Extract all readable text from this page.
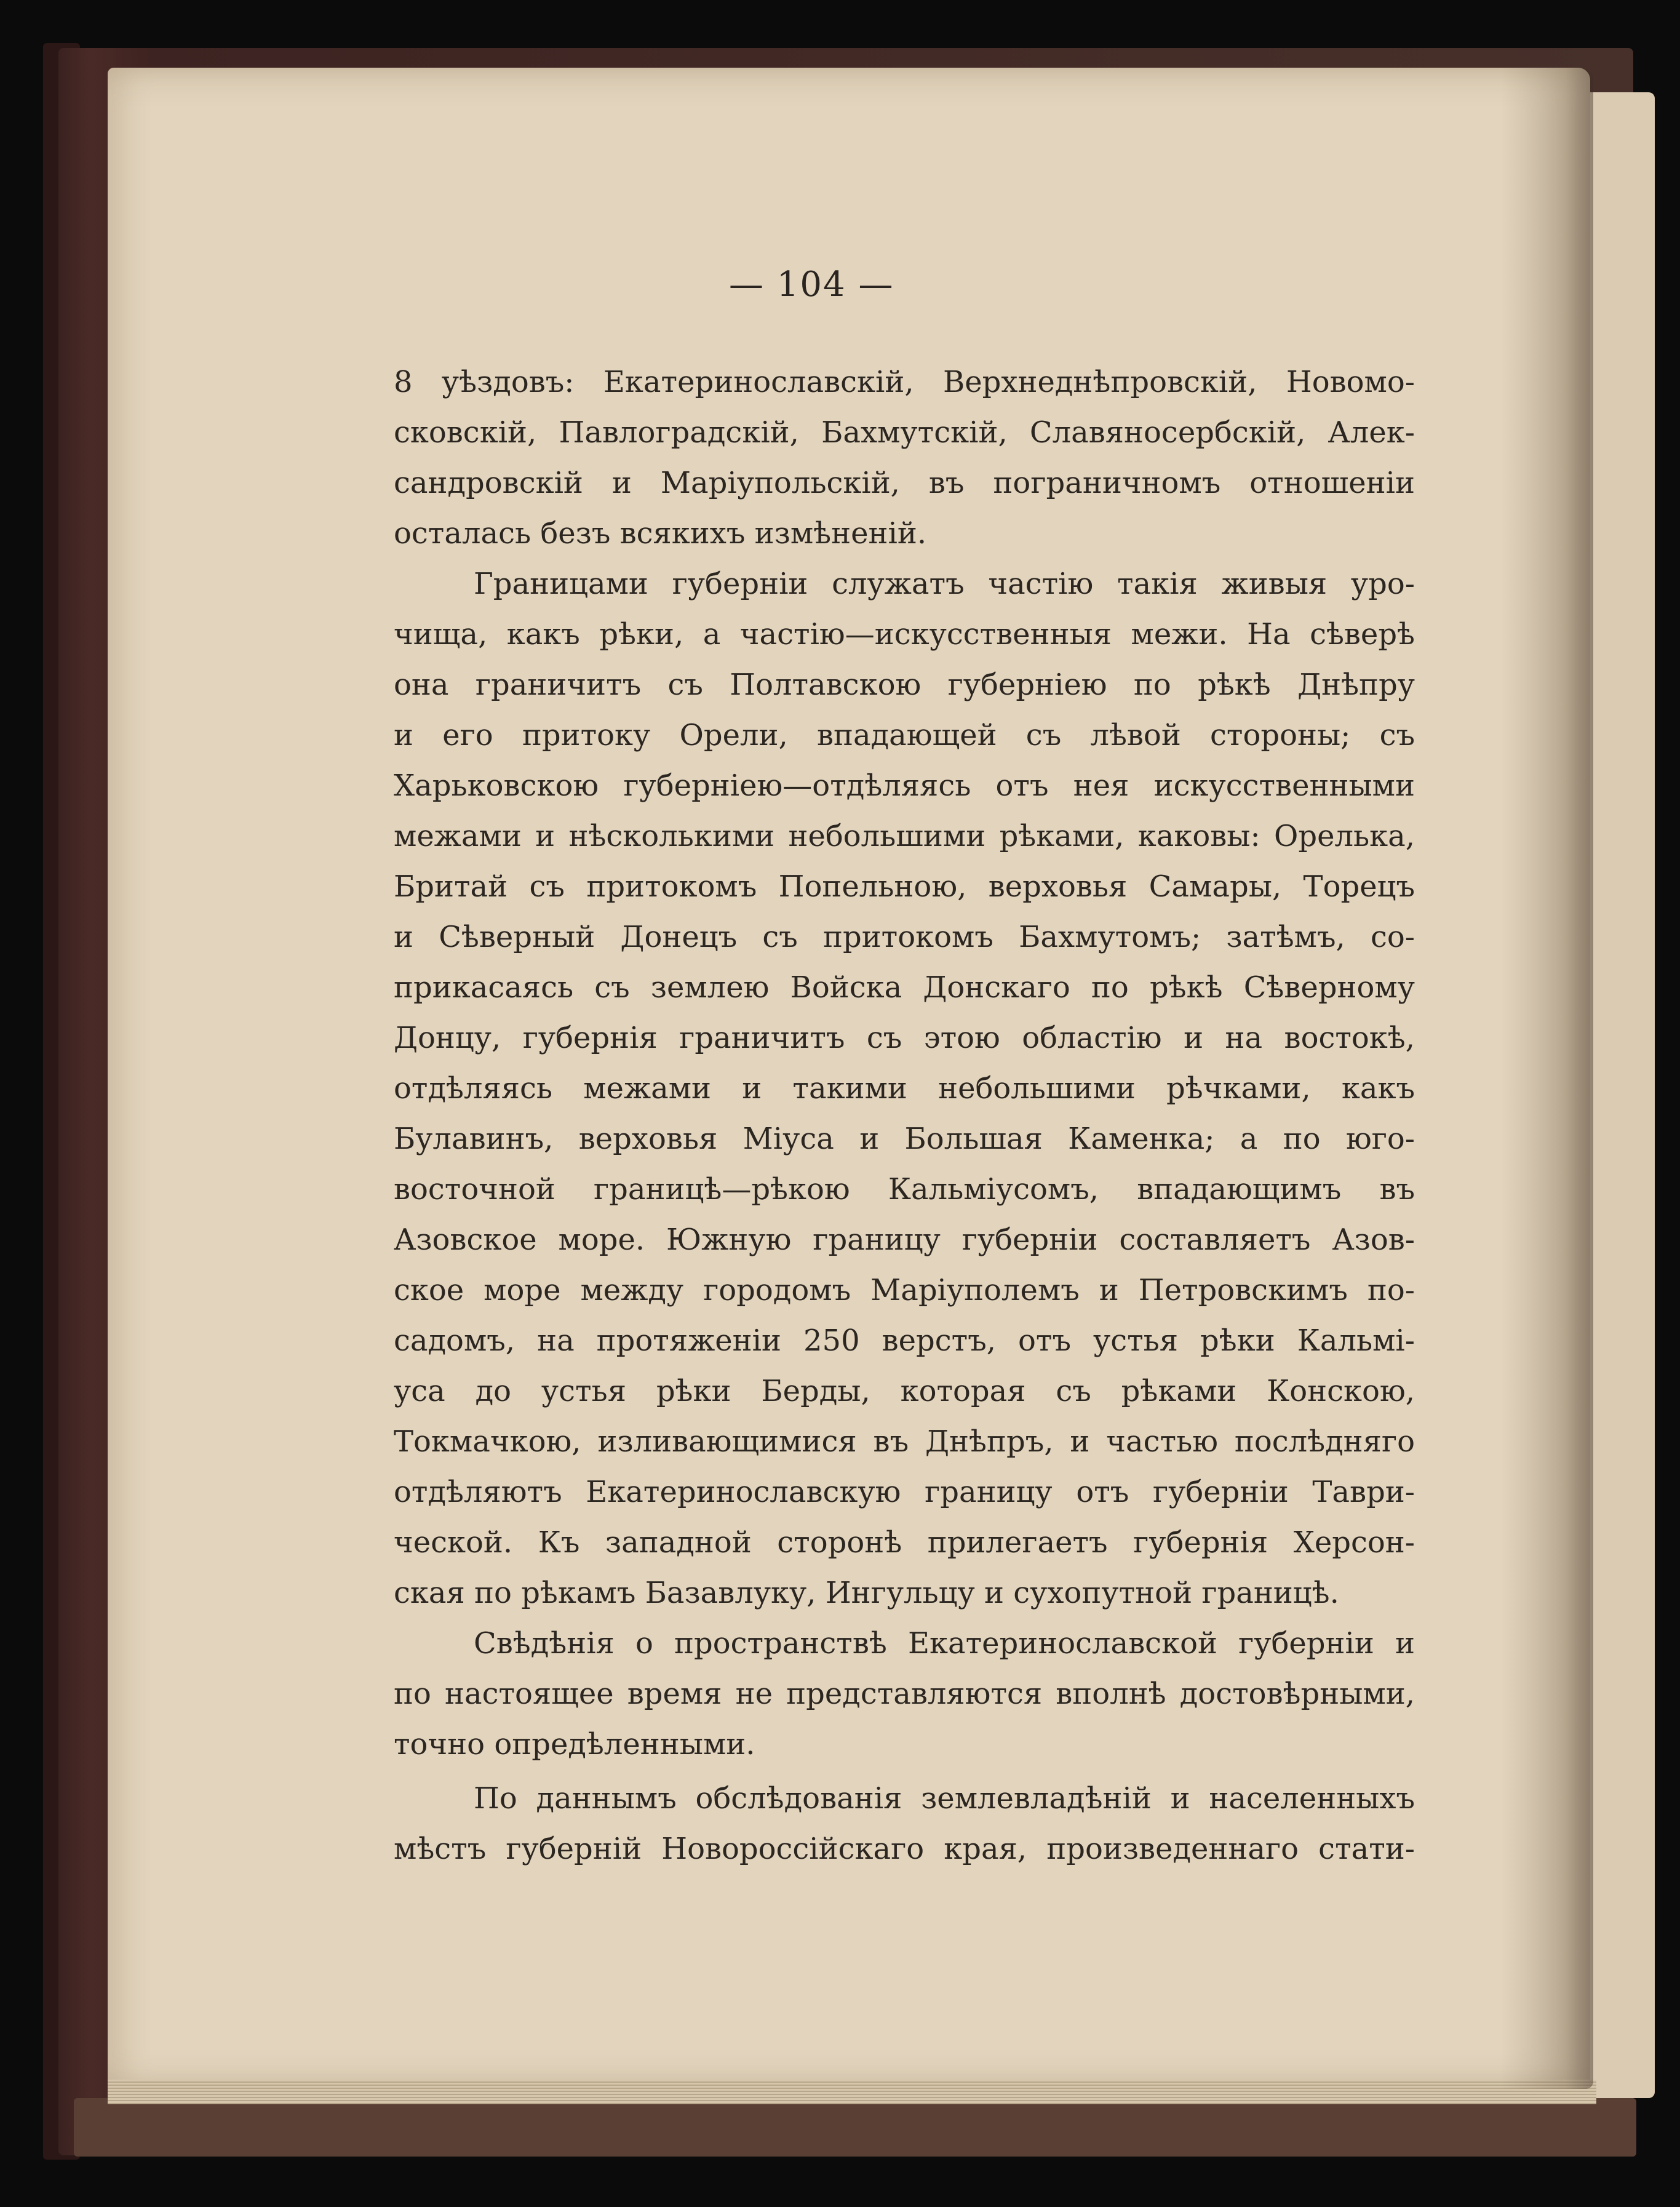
— 104 —
8 уѣздовъ: Екатеринославскій, Верхнеднѣпровскій, Новомо-
сковскій, Павлоградскій, Бахмутскій, Славяносербскій, Алек-
сандровскій и Маріупольскій, въ пограничномъ отношеніи
осталась безъ всякихъ измѣненій.
Границами губерніи служатъ частію такія живыя уро-
чища, какъ рѣки, а частію—искусственныя межи. На сѣверѣ
она граничитъ съ Полтавскою губерніею по рѣкѣ Днѣпру
и его притоку Орели, впадающей съ лѣвой стороны; съ
Харьковскою губерніею—отдѣляясь отъ нея искусственными
межами и нѣсколькими небольшими рѣками, каковы: Орелька,
Бритай съ притокомъ Попельною, верховья Самары, Торецъ
и Сѣверный Донецъ съ притокомъ Бахмутомъ; затѣмъ, со-
прикасаясь съ землею Войска Донскаго по рѣкѣ Сѣверному
Донцу, губернія граничитъ съ этою областію и на востокѣ,
отдѣляясь межами и такими небольшими рѣчками, какъ
Булавинъ, верховья Міуса и Большая Каменка; а по юго-
восточной границѣ—рѣкою Кальміусомъ, впадающимъ въ
Азовское море. Южную границу губерніи составляетъ Азов-
ское море между городомъ Маріуполемъ и Петровскимъ по-
садомъ, на протяженіи 250 верстъ, отъ устья рѣки Кальмі-
уса до устья рѣки Берды, которая съ рѣками Конскою,
Токмачкою, изливающимися въ Днѣпръ, и частью послѣдняго
отдѣляютъ Екатеринославскую границу отъ губерніи Таври-
ческой. Къ западной сторонѣ прилегаетъ губернія Херсон-
ская по рѣкамъ Базавлуку, Ингульцу и сухопутной границѣ.
Свѣдѣнія о пространствѣ Екатеринославской губерніи и
по настоящее время не представляются вполнѣ достовѣрными,
точно опредѣленными.
По даннымъ обслѣдованія землевладѣній и населенныхъ
мѣстъ губерній Новороссійскаго края, произведеннаго стати-
